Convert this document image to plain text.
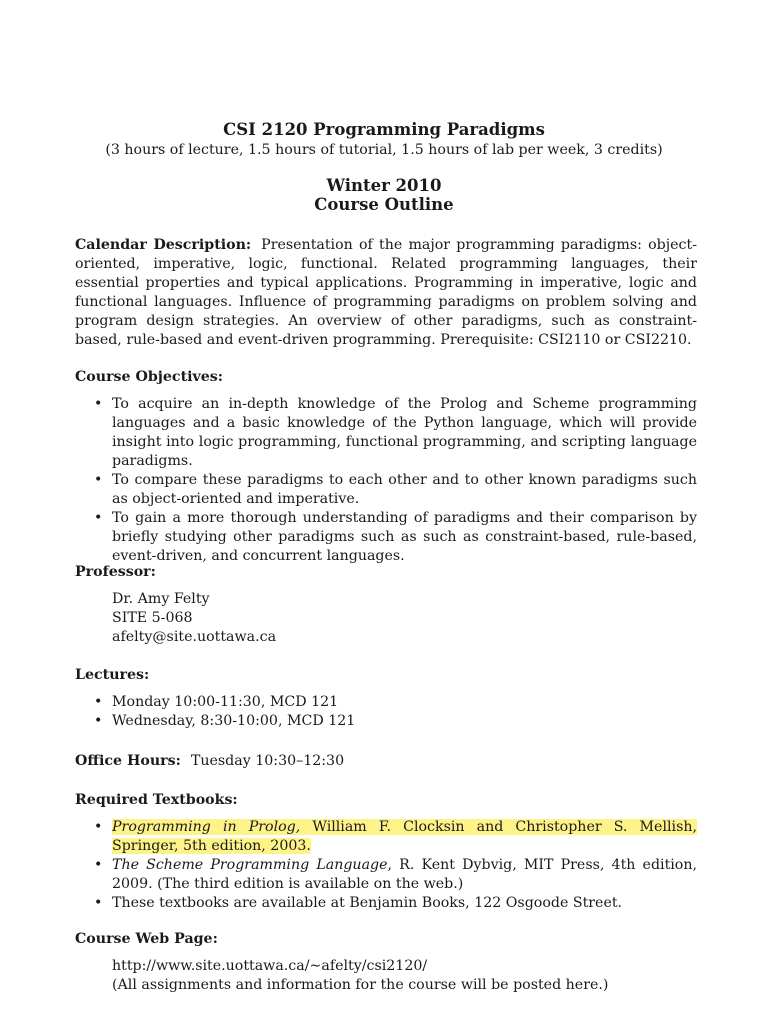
CSI 2120 Programming Paradigms
(3 hours of lecture, 1.5 hours of tutorial, 1.5 hours of lab per week, 3 credits)
Winter 2010
Course Outline
Calendar Description: Presentation of the major programming paradigms: object-oriented, imperative, logic, functional. Related programming languages, their essential properties and typical applications. Programming in imperative, logic and functional languages. Influence of programming paradigms on problem solving and program design strategies. An overview of other paradigms, such as constraint-based, rule-based and event-driven programming. Prerequisite: CSI2110 or CSI2210.
Course Objectives:
• To acquire an in-depth knowledge of the Prolog and Scheme programming languages and a basic knowledge of the Python language, which will provide insight into logic programming, functional programming, and scripting language paradigms.
• To compare these paradigms to each other and to other known paradigms such as object-oriented and imperative.
• To gain a more thorough understanding of paradigms and their comparison by briefly studying other paradigms such as such as constraint-based, rule-based, event-driven, and concurrent languages.
Professor:
Dr. Amy Felty
SITE 5-068
afelty@site.uottawa.ca
Lectures:
• Monday 10:00-11:30, MCD 121
• Wednesday, 8:30-10:00, MCD 121
Office Hours: Tuesday 10:30–12:30
Required Textbooks:
• Programming in Prolog, William F. Clocksin and Christopher S. Mellish, Springer, 5th edition, 2003.
• The Scheme Programming Language, R. Kent Dybvig, MIT Press, 4th edition, 2009. (The third edition is available on the web.)
• These textbooks are available at Benjamin Books, 122 Osgoode Street.
Course Web Page:
http://www.site.uottawa.ca/∼afelty/csi2120/
(All assignments and information for the course will be posted here.)
